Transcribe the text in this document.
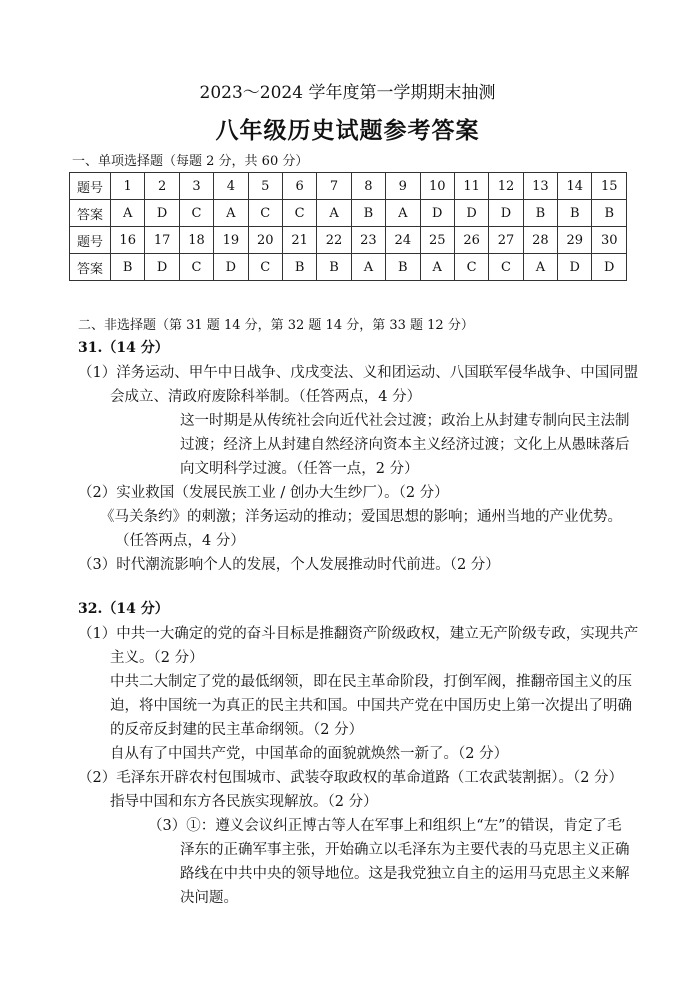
2023～2024 学年度第一学期期末抽测
八年级历史试题参考答案
一、单项选择题（每题 2 分，共 60 分）
题号	1	2	3	4	5	6	7	8	9	10	11	12	13	14	15
答案	A	D	C	A	C	C	A	B	A	D	D	D	B	B	B
题号	16	17	18	19	20	21	22	23	24	25	26	27	28	29	30
答案	B	D	C	D	C	B	B	A	B	A	C	C	A	D	D
二、非选择题（第 31 题 14 分，第 32 题 14 分，第 33 题 12 分）
31.（14 分）
（1）洋务运动、甲午中日战争、戊戌变法、义和团运动、八国联军侵华战争、中国同盟
会成立、清政府废除科举制。（任答两点，4 分）
这一时期是从传统社会向近代社会过渡；政治上从封建专制向民主法制
过渡；经济上从封建自然经济向资本主义经济过渡；文化上从愚昧落后
向文明科学过渡。（任答一点，2 分）
（2）实业救国（发展民族工业 / 创办大生纱厂）。（2 分）
《马关条约》的刺激；洋务运动的推动；爱国思想的影响；通州当地的产业优势。
（任答两点，4 分）
（3）时代潮流影响个人的发展，个人发展推动时代前进。（2 分）
32.（14 分）
（1）中共一大确定的党的奋斗目标是推翻资产阶级政权，建立无产阶级专政，实现共产
主义。（2 分）
中共二大制定了党的最低纲领，即在民主革命阶段，打倒军阀，推翻帝国主义的压
迫，将中国统一为真正的民主共和国。中国共产党在中国历史上第一次提出了明确
的反帝反封建的民主革命纲领。（2 分）
自从有了中国共产党，中国革命的面貌就焕然一新了。（2 分）
（2）毛泽东开辟农村包围城市、武装夺取政权的革命道路（工农武装割据）。（2 分）
指导中国和东方各民族实现解放。（2 分）
（3）①：遵义会议纠正博古等人在军事上和组织上“左”的错误，肯定了毛
泽东的正确军事主张，开始确立以毛泽东为主要代表的马克思主义正确
路线在中共中央的领导地位。这是我党独立自主的运用马克思主义来解
决问题。
